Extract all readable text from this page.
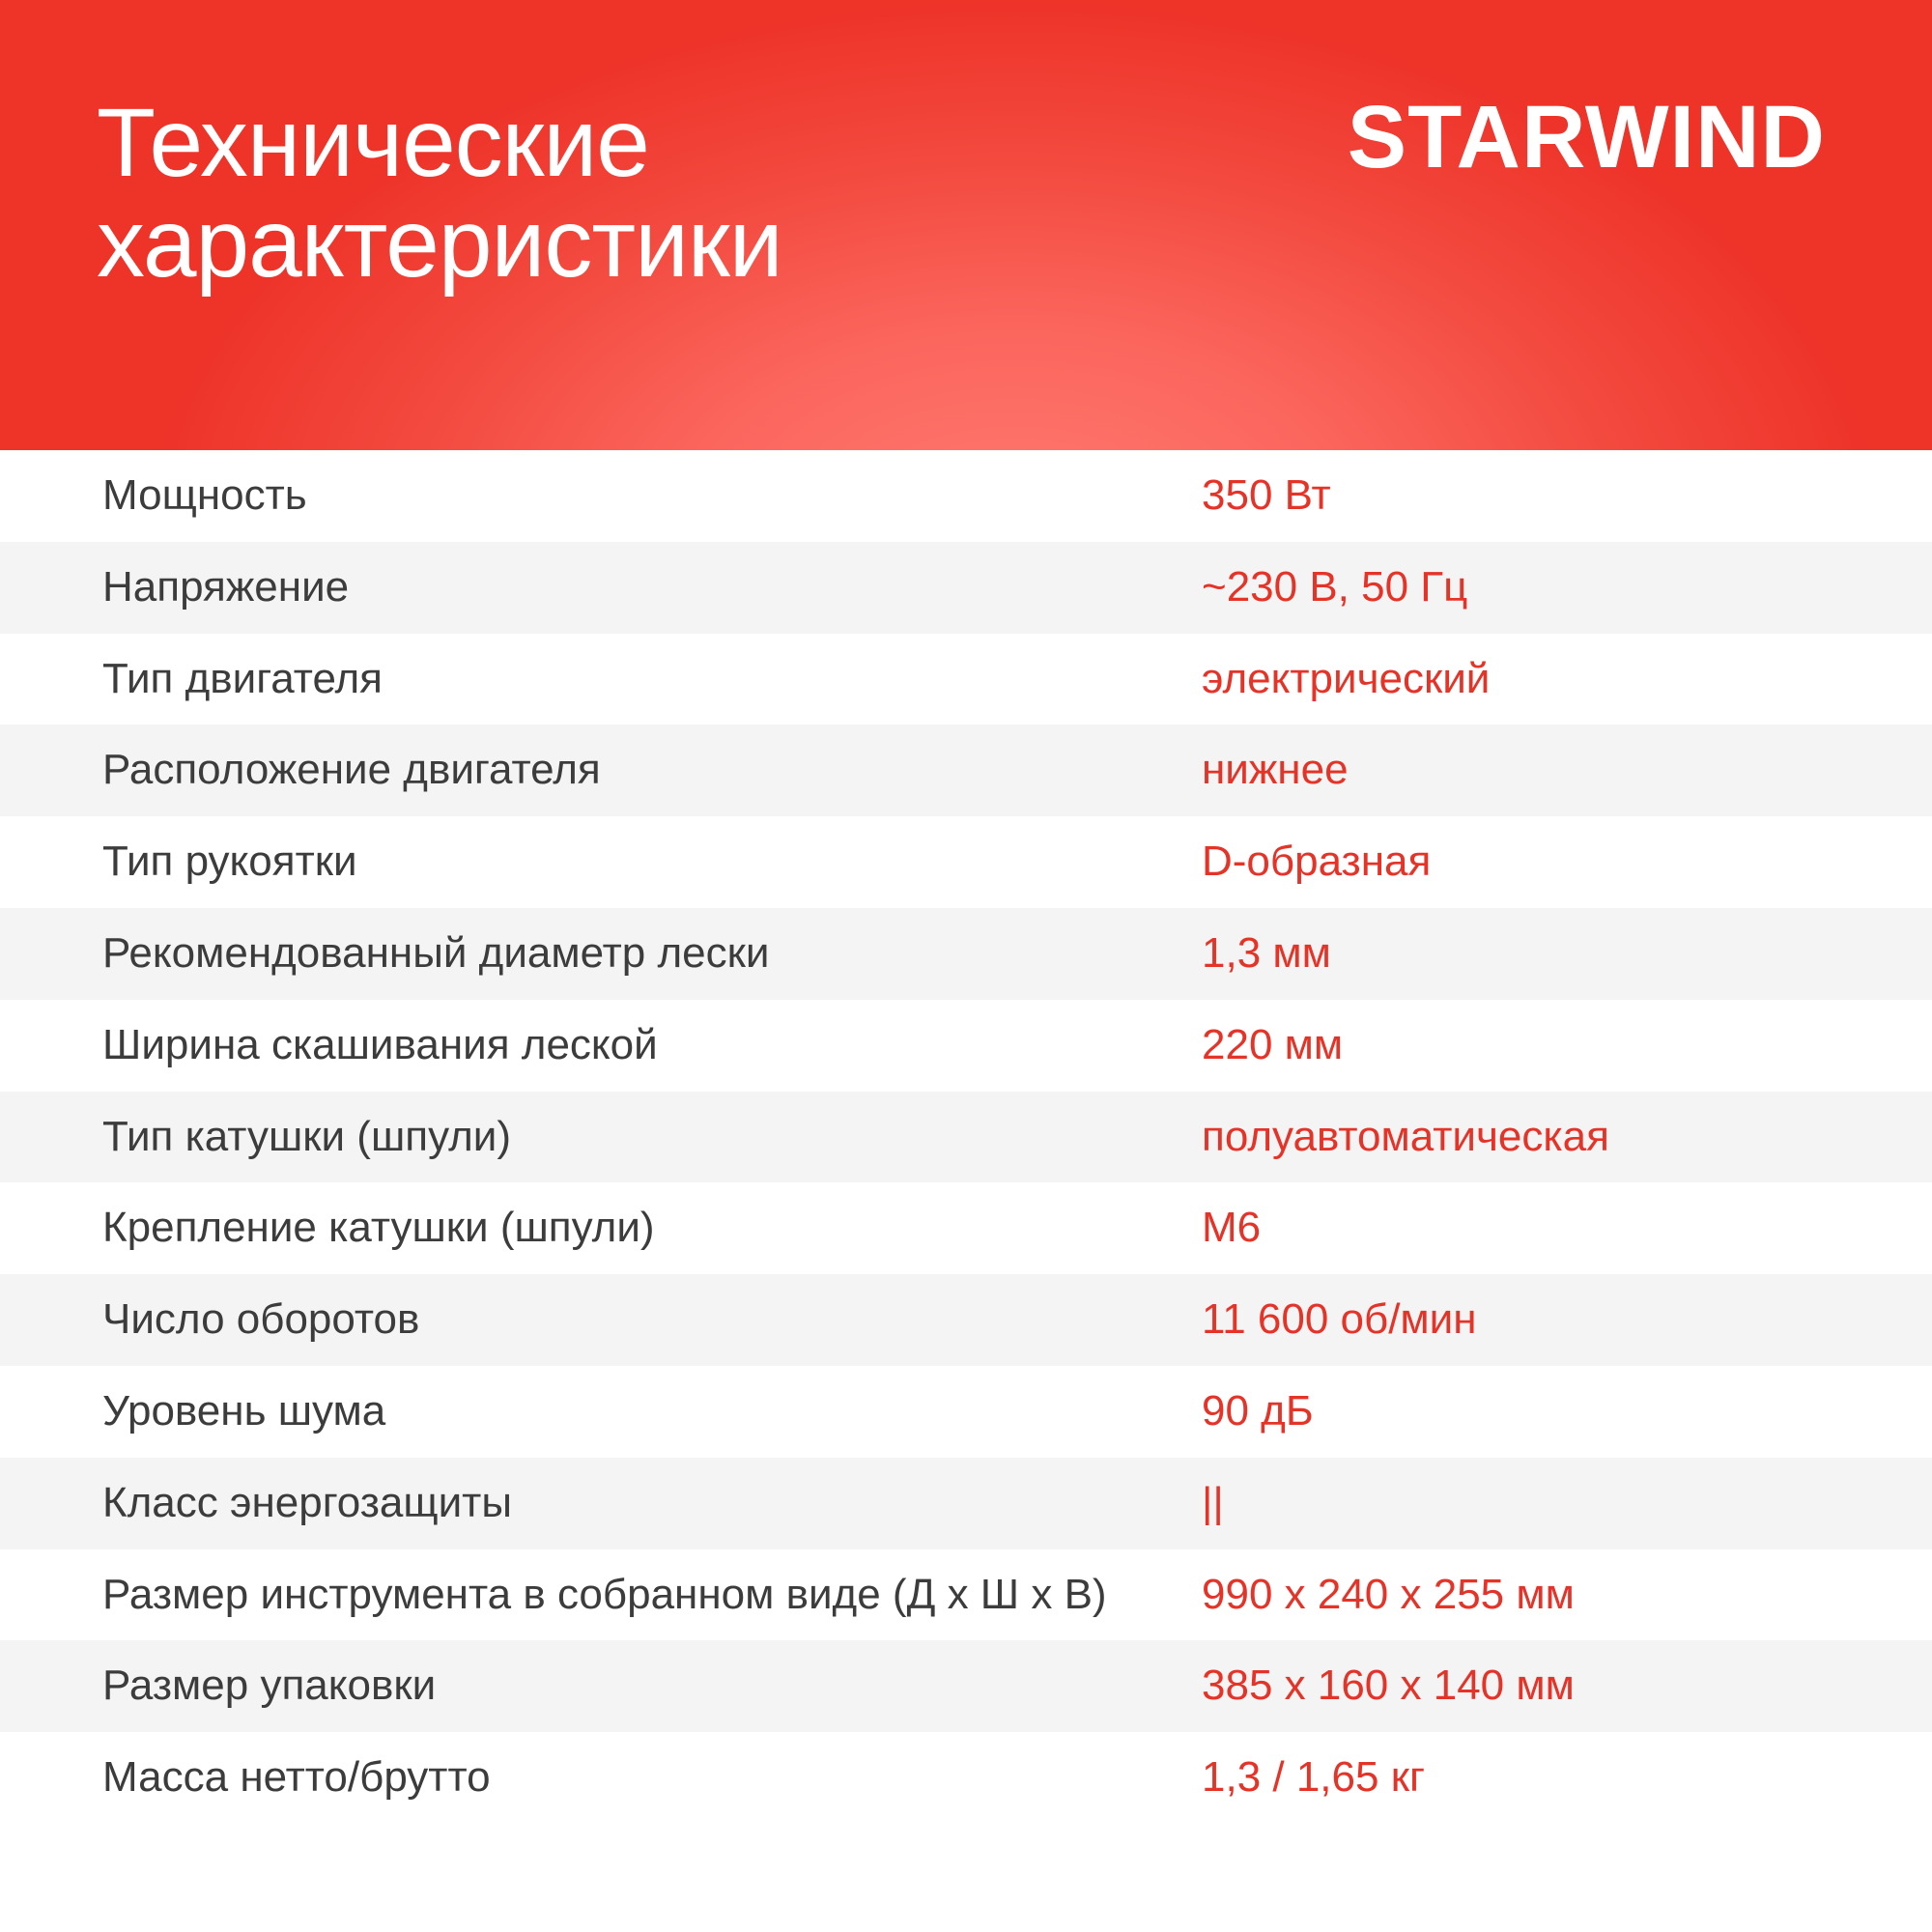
Технические
характеристики
STARWIND
Мощность	350 Вт
Напряжение	~230 В, 50 Гц
Тип двигателя	электрический
Расположение двигателя	нижнее
Тип рукоятки	D-образная
Рекомендованный диаметр лески	1,3 мм
Ширина скашивания леской	220 мм
Тип катушки (шпули)	полуавтоматическая
Крепление катушки (шпули)	М6
Число оборотов	11 600 об/мин
Уровень шума	90 дБ
Класс энергозащиты	||
Размер инструмента в собранном виде (Д х Ш х В) 990 х 240 х 255 мм
Размер упаковки	385 х 160 х 140 мм
Масса нетто/брутто	1,3 / 1,65 кг
